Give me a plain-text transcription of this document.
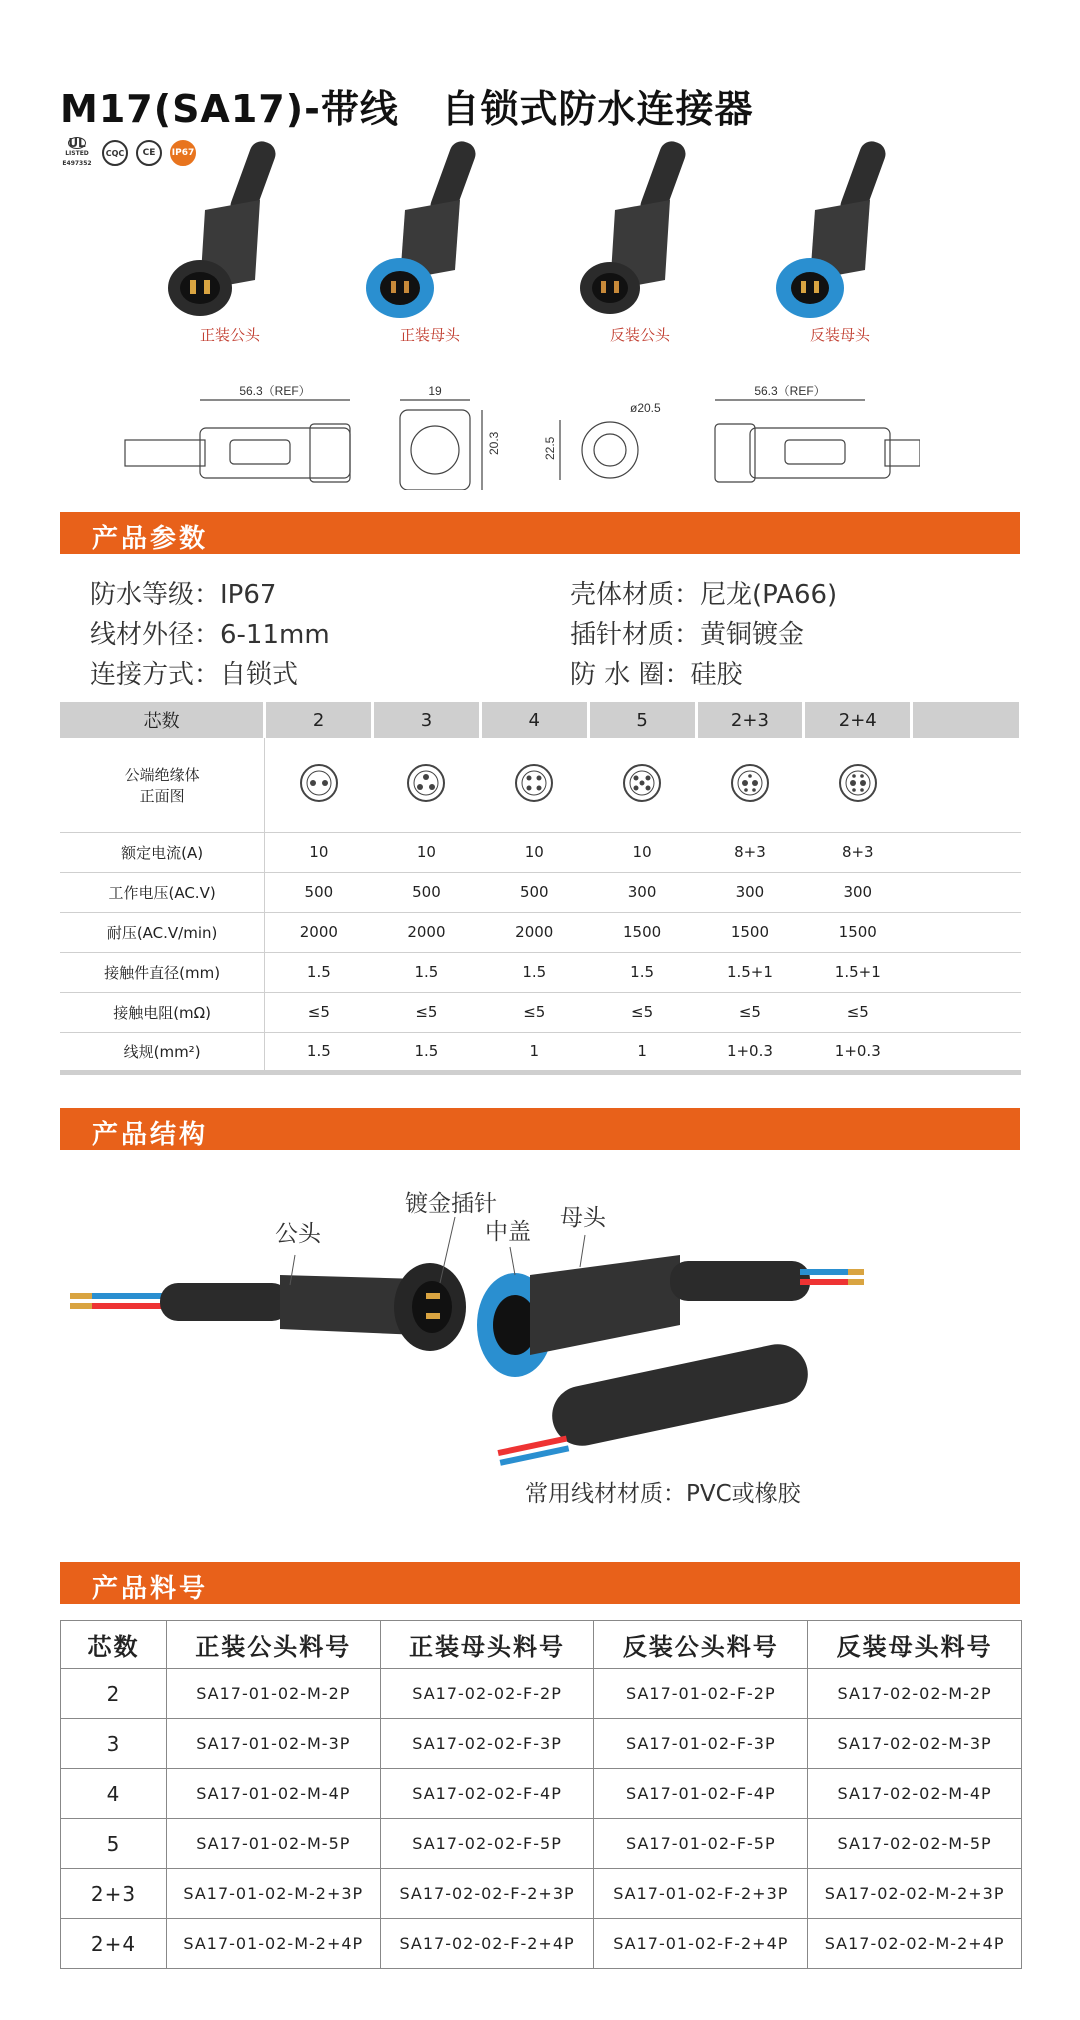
M17(SA17)-带线   自锁式防水连接器
UL
LISTED
E497352
CQC	CE	IP67
正装公头	正装母头	反装公头	反装母头
56.3（REF）	19
20.3
ø20.5
22.5
56.3（REF）
产品参数
防水等级：IP67
线材外径：6-11mm
连接方式：自锁式
壳体材质：尼龙(PA66)
插针材质：黄铜镀金
防 水 圈：硅胶
芯数	2	3	4	5	2+3	2+4	
公端绝缘体
正面图							
额定电流(A)	10	10	10	10	8+3	8+3	
工作电压(AC.V)	500	500	500	300	300	300	
耐压(AC.V/min)	2000	2000	2000	1500	1500	1500	
接触件直径(mm)	1.5	1.5	1.5	1.5	1.5+1	1.5+1	
接触电阻(mΩ)	≤5	≤5	≤5	≤5	≤5	≤5	
线规(mm²)	1.5	1.5	1	1	1+0.3	1+0.3	
产品结构
公头
镀金插针
中盖
母头
常用线材材质：PVC或橡胶
产品料号
芯数	正装公头料号	正装母头料号	反装公头料号	反装母头料号
2	SA17-01-02-M-2P	SA17-02-02-F-2P	SA17-01-02-F-2P	SA17-02-02-M-2P
3	SA17-01-02-M-3P	SA17-02-02-F-3P	SA17-01-02-F-3P	SA17-02-02-M-3P
4	SA17-01-02-M-4P	SA17-02-02-F-4P	SA17-01-02-F-4P	SA17-02-02-M-4P
5	SA17-01-02-M-5P	SA17-02-02-F-5P	SA17-01-02-F-5P	SA17-02-02-M-5P
2+3	SA17-01-02-M-2+3P	SA17-02-02-F-2+3P	SA17-01-02-F-2+3P	SA17-02-02-M-2+3P
2+4	SA17-01-02-M-2+4P	SA17-02-02-F-2+4P	SA17-01-02-F-2+4P	SA17-02-02-M-2+4P
